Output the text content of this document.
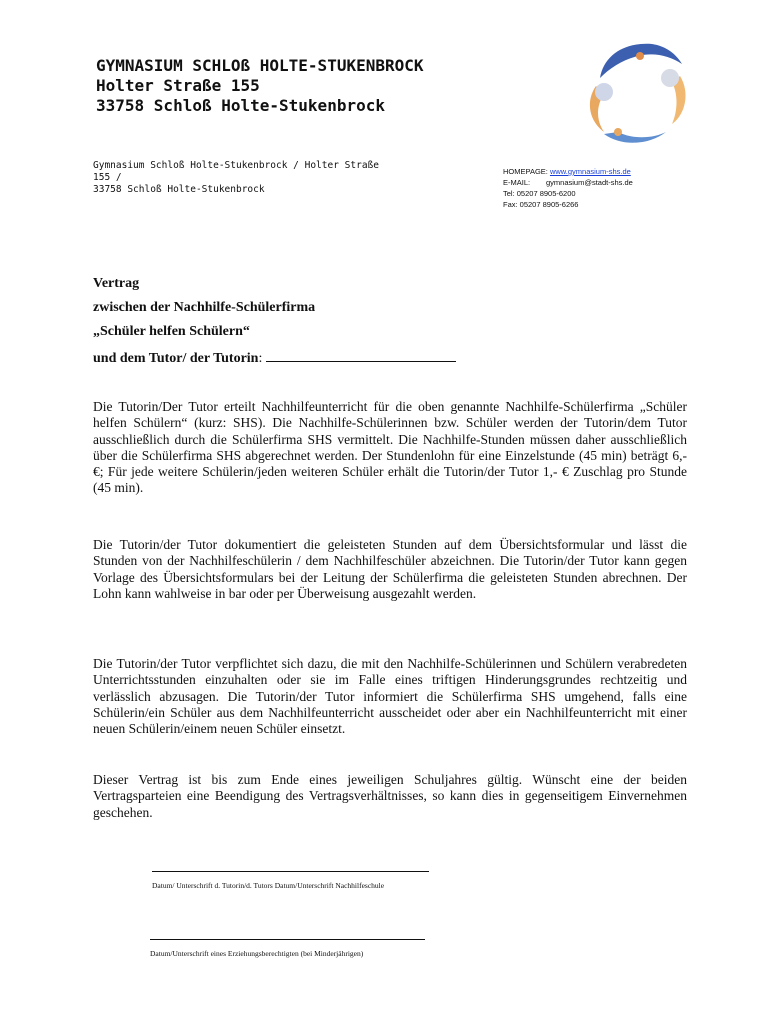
GYMNASIUM SCHLOß HOLTE-STUKENBROCK
Holter Straße 155
33758 Schloß Holte-Stukenbrock
Gymnasium Schloß Holte-Stukenbrock / Holter Straße
155 /
33758 Schloß Holte-Stukenbrock
HOMEPAGE: www.gymnasium-shs.de
E-MAIL: gymnasium@stadt-shs.de
Tel: 05207 8905-6200
Fax: 05207 8905-6266
Vertrag
zwischen der Nachhilfe-Schülerfirma
„Schüler helfen Schülern“
und dem Tutor/ der Tutorin:
Die Tutorin/Der Tutor erteilt Nachhilfeunterricht für die oben genannte Nachhilfe-Schülerfirma „Schüler helfen Schülern“ (kurz: SHS). Die Nachhilfe-Schülerinnen bzw. Schüler werden der Tutorin/dem Tutor ausschließlich durch die Schülerfirma SHS vermittelt. Die Nachhilfe-Stunden müssen daher ausschließlich über die Schülerfirma SHS abgerechnet werden. Der Stundenlohn für eine Einzelstunde (45 min) beträgt 6,- €; Für jede weitere Schülerin/jeden weiteren Schüler erhält die Tutorin/der Tutor 1,- € Zuschlag pro Stunde (45 min).
Die Tutorin/der Tutor dokumentiert die geleisteten Stunden auf dem Übersichtsformular und lässt die Stunden von der Nachhilfeschülerin / dem Nachhilfeschüler abzeichnen. Die Tutorin/der Tutor kann gegen Vorlage des Übersichtsformulars bei der Leitung der Schülerfirma die geleisteten Stunden abrechnen. Der Lohn kann wahlweise in bar oder per Überweisung ausgezahlt werden.
Die Tutorin/der Tutor verpflichtet sich dazu, die mit den Nachhilfe-Schülerinnen und Schülern verabredeten Unterrichtsstunden einzuhalten oder sie im Falle eines triftigen Hinderungsgrundes rechtzeitig und verlässlich abzusagen. Die Tutorin/der Tutor informiert die Schülerfirma SHS umgehend, falls eine Schülerin/ein Schüler aus dem Nachhilfeunterricht ausscheidet oder aber ein Nachhilfeunterricht mit einer neuen Schülerin/einem neuen Schüler einsetzt.
Dieser Vertrag ist bis zum Ende eines jeweiligen Schuljahres gültig. Wünscht eine der beiden Vertragsparteien eine Beendigung des Vertragsverhältnisses, so kann dies in gegenseitigem Einvernehmen geschehen.
Datum/ Unterschrift d. Tutorin/d. Tutors Datum/Unterschrift Nachhilfeschule
Datum/Unterschrift eines Erziehungsberechtigten (bei Minderjährigen)
